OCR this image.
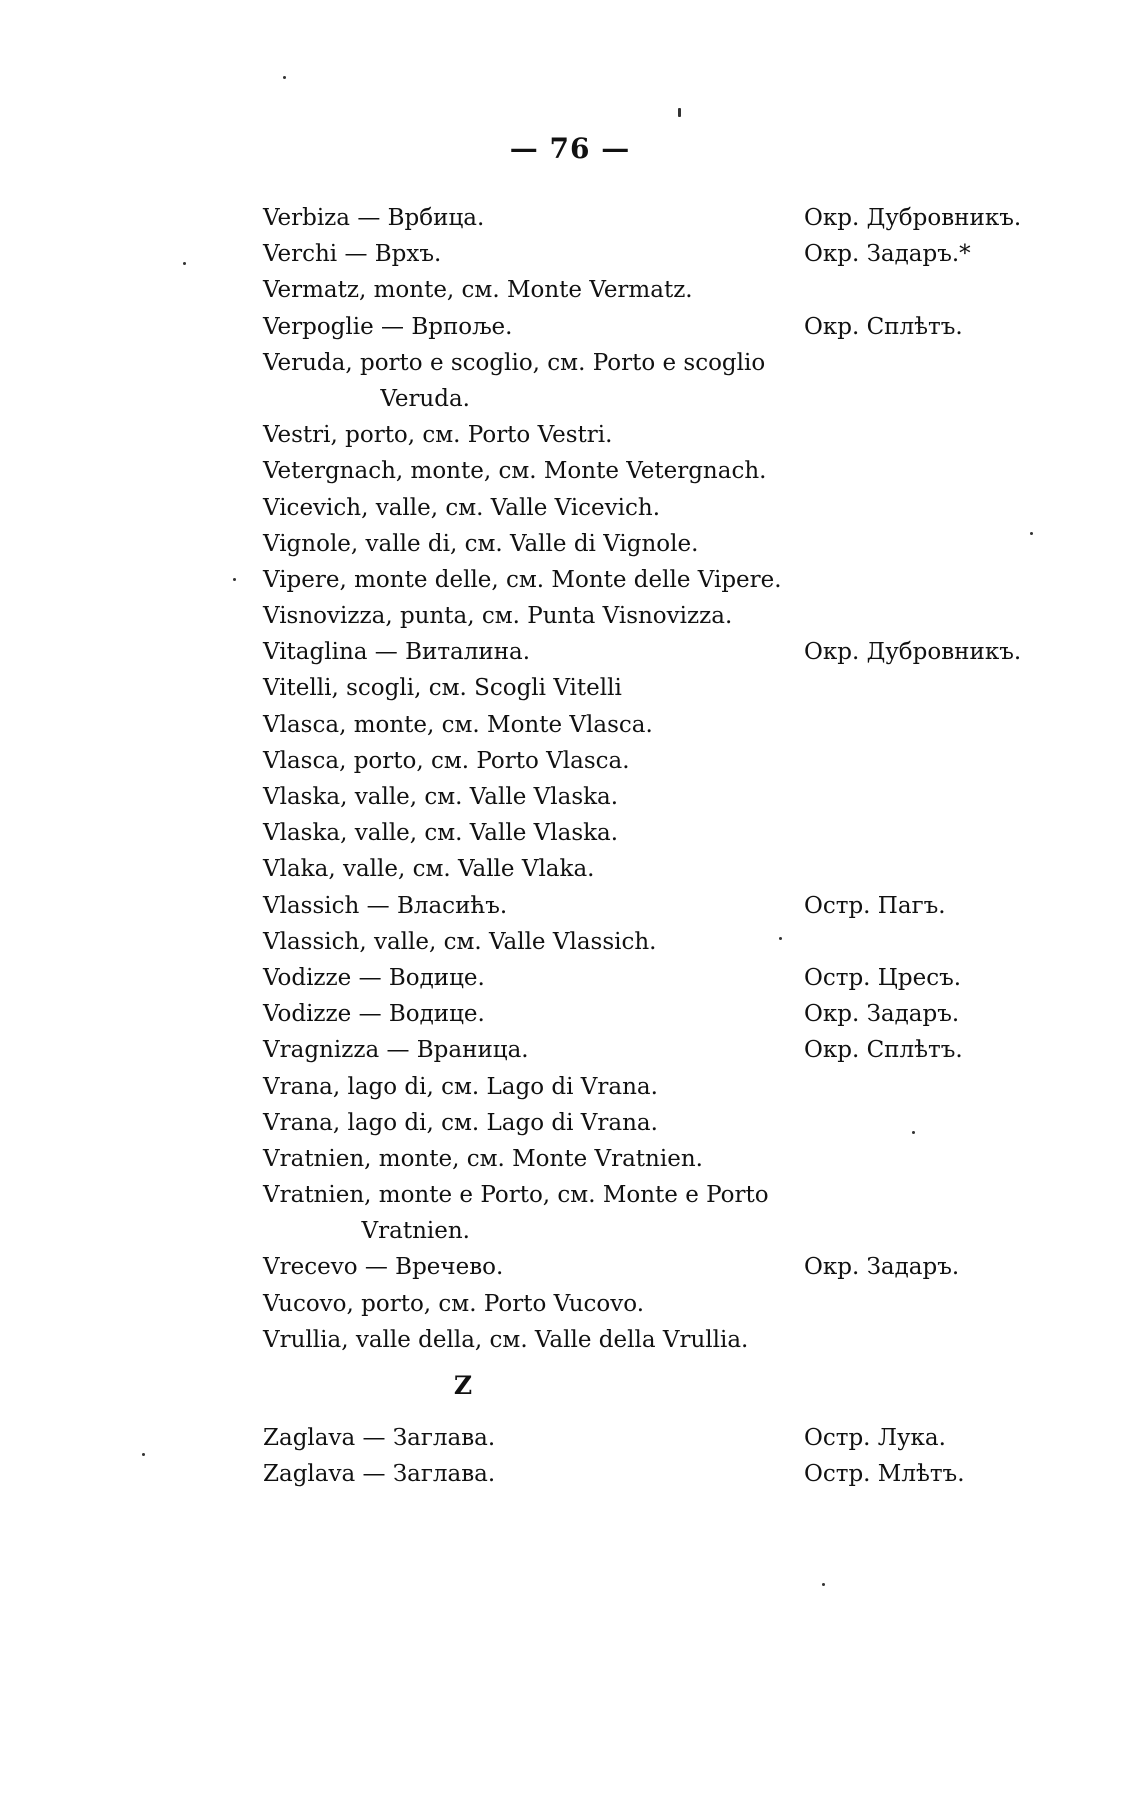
— 76 —
Verbiza — Врбица.	Окр. Дубровникъ.
Verchi — Врхъ.	Окр. Задаръ.*
Vermatz, monte, см. Monte Vermatz.
Verpoglie — Врпоље.	Окр. Сплѣтъ.
Veruda, porto e scoglio, см. Porto e scoglio
Veruda.
Vestri, porto, см. Porto Vestri.
Vetergnach, monte, см. Monte Vetergnach.
Vicevich, valle, см. Valle Vicevich.
Vignole, valle di, см. Valle di Vignole.
Vipere, monte delle, см. Monte delle Vipere.
Visnovizza, punta, см. Punta Visnovizza.
Vitaglina — Виталина.	Окр. Дубровникъ.
Vitelli, scogli, см. Scogli Vitelli
Vlasca, monte, см. Monte Vlasca.
Vlasca, porto, см. Porto Vlasca.
Vlaska, valle, см. Valle Vlaska.
Vlaska, valle, см. Valle Vlaska.
Vlaka, valle, см. Valle Vlaka.
Vlassich — Власићъ.	Остр. Пагъ.
Vlassich, valle, см. Valle Vlassich.
Vodizze — Водице.	Остр. Цресъ.
Vodizze — Водице.	Окр. Задаръ.
Vragnizza — Враница.	Окр. Сплѣтъ.
Vrana, lago di, см. Lago di Vrana.
Vrana, lago di, см. Lago di Vrana.
Vratnien, monte, см. Monte Vratnien.
Vratnien, monte e Porto, см. Monte e Porto
Vratnien.
Vrecevo — Вречево.	Окр. Задаръ.
Vucovo, porto, см. Porto Vucovo.
Vrullia, valle della, см. Valle della Vrullia.
Z
Zaglava — Заглава.	Остр. Лука.
Zaglava — Заглава.	Остр. Млѣтъ.
